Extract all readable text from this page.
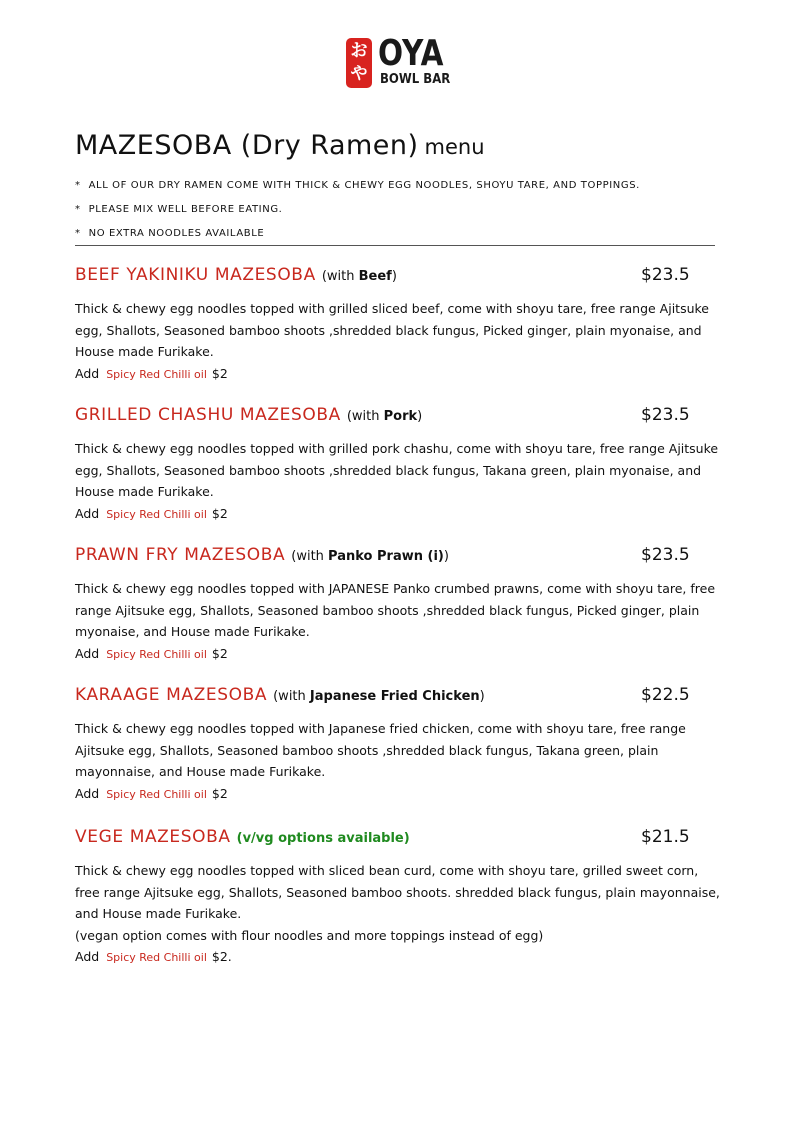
お
や OYA
BOWL BAR
MAZESOBA (Dry Ramen) menu
* ALL OF OUR DRY RAMEN COME WITH THICK & CHEWY EGG NOODLES, SHOYU TARE, AND TOPPINGS.
* PLEASE MIX WELL BEFORE EATING.
* NO EXTRA NOODLES AVAILABLE
BEEF YAKINIKU MAZESOBA (with Beef)	$23.5
Thick & chewy egg noodles topped with grilled sliced beef, come with shoyu tare, free range Ajitsuke egg, Shallots, Seasoned bamboo shoots ,shredded black fungus, Picked ginger, plain myonaise, and House made Furikake.
Add Spicy Red Chilli oil $2
GRILLED CHASHU MAZESOBA (with Pork)	$23.5
Thick & chewy egg noodles topped with grilled pork chashu, come with shoyu tare, free range Ajitsuke egg, Shallots, Seasoned bamboo shoots ,shredded black fungus, Takana green, plain myonaise, and House made Furikake.
Add Spicy Red Chilli oil $2
PRAWN FRY MAZESOBA (with Panko Prawn (i))	$23.5
Thick & chewy egg noodles topped with JAPANESE Panko crumbed prawns, come with shoyu tare, free range Ajitsuke egg, Shallots, Seasoned bamboo shoots ,shredded black fungus, Picked ginger, plain myonaise, and House made Furikake.
Add Spicy Red Chilli oil $2
KARAAGE MAZESOBA (with Japanese Fried Chicken)	$22.5
Thick & chewy egg noodles topped with Japanese fried chicken, come with shoyu tare, free range Ajitsuke egg, Shallots, Seasoned bamboo shoots ,shredded black fungus, Takana green, plain mayonnaise, and House made Furikake.
Add Spicy Red Chilli oil $2
VEGE MAZESOBA (v/vg options available)	$21.5
Thick & chewy egg noodles topped with sliced bean curd, come with shoyu tare, grilled sweet corn, free range Ajitsuke egg, Shallots, Seasoned bamboo shoots. shredded black fungus, plain mayonnaise, and House made Furikake.
(vegan option comes with flour noodles and more toppings instead of egg)
Add Spicy Red Chilli oil $2.
